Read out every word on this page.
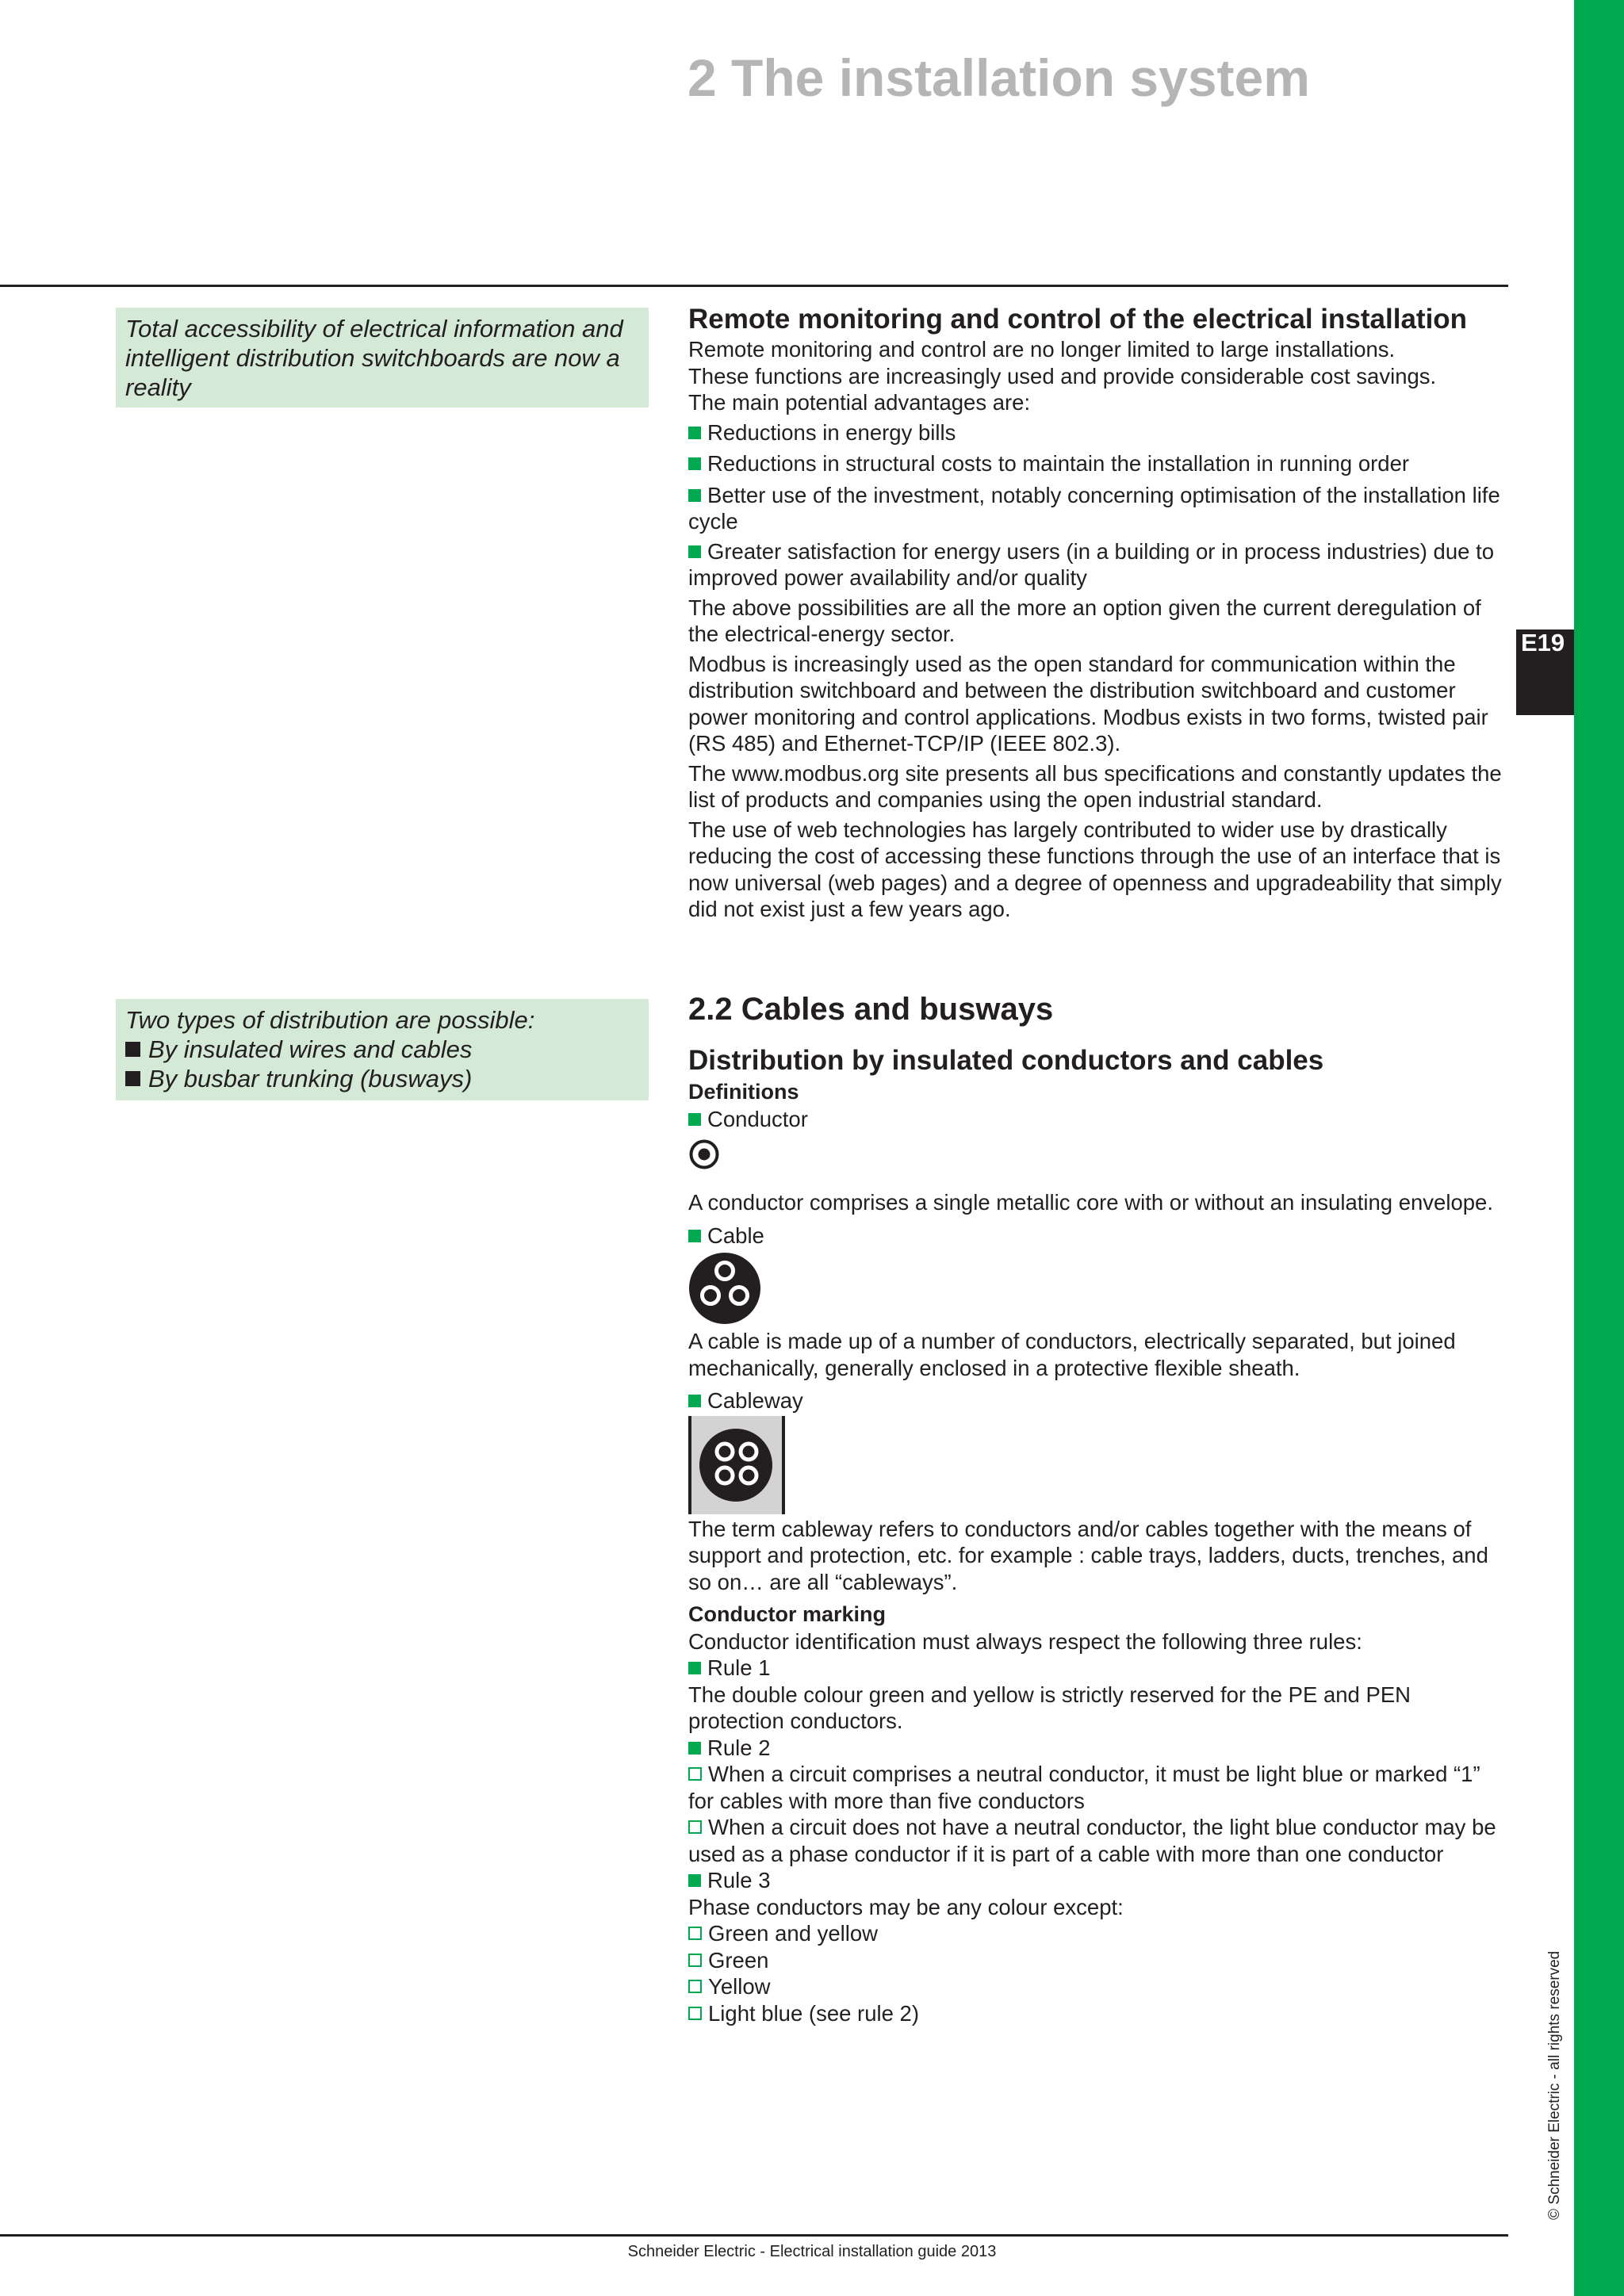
E19
2 The installation system
Total accessibility of electrical information and intelligent distribution switchboards are now a reality
Two types of distribution are possible:
By insulated wires and cables
By busbar trunking (busways)
Remote monitoring and control of the electrical installation

Remote monitoring and control are no longer limited to large installations.

These functions are increasingly used and provide considerable cost savings.

The main potential advantages are:

Reductions in energy bills

Reductions in structural costs to maintain the installation in running order

Better use of the investment, notably concerning optimisation of the installation life cycle

Greater satisfaction for energy users (in a building or in process industries) due to improved power availability and/or quality

The above possibilities are all the more an option given the current deregulation of the electrical-energy sector.

Modbus is increasingly used as the open standard for communication within the distribution switchboard and between the distribution switchboard and customer power monitoring and control applications. Modbus exists in two forms, twisted pair (RS 485) and Ethernet-TCP/IP (IEEE 802.3).

The www.modbus.org site presents all bus specifications and constantly updates the list of products and companies using the open industrial standard.

The use of web technologies has largely contributed to wider use by drastically reducing the cost of accessing these functions through the use of an interface that is now universal (web pages) and a degree of openness and upgradeability that simply did not exist just a few years ago.

2.2 Cables and busways
Distribution by insulated conductors and cables

Definitions

Conductor

A conductor comprises a single metallic core with or without an insulating envelope.

Cable

A cable is made up of a number of conductors, electrically separated, but joined mechanically, generally enclosed in a protective flexible sheath.

Cableway

The term cableway refers to conductors and/or cables together with the means of support and protection, etc. for example : cable trays, ladders, ducts, trenches, and so on… are all “cableways”.

Conductor marking

Conductor identification must always respect the following three rules:

Rule 1

The double colour green and yellow is strictly reserved for the PE and PEN protection conductors.

Rule 2

When a circuit comprises a neutral conductor, it must be light blue or marked “1” for cables with more than five conductors

When a circuit does not have a neutral conductor, the light blue conductor may be used as a phase conductor if it is part of a cable with more than one conductor

Rule 3

Phase conductors may be any colour except:

Green and yellow

Green

Yellow

Light blue (see rule 2)	© Schneider Electric - all rights reserved
Schneider Electric - Electrical installation guide 2013
